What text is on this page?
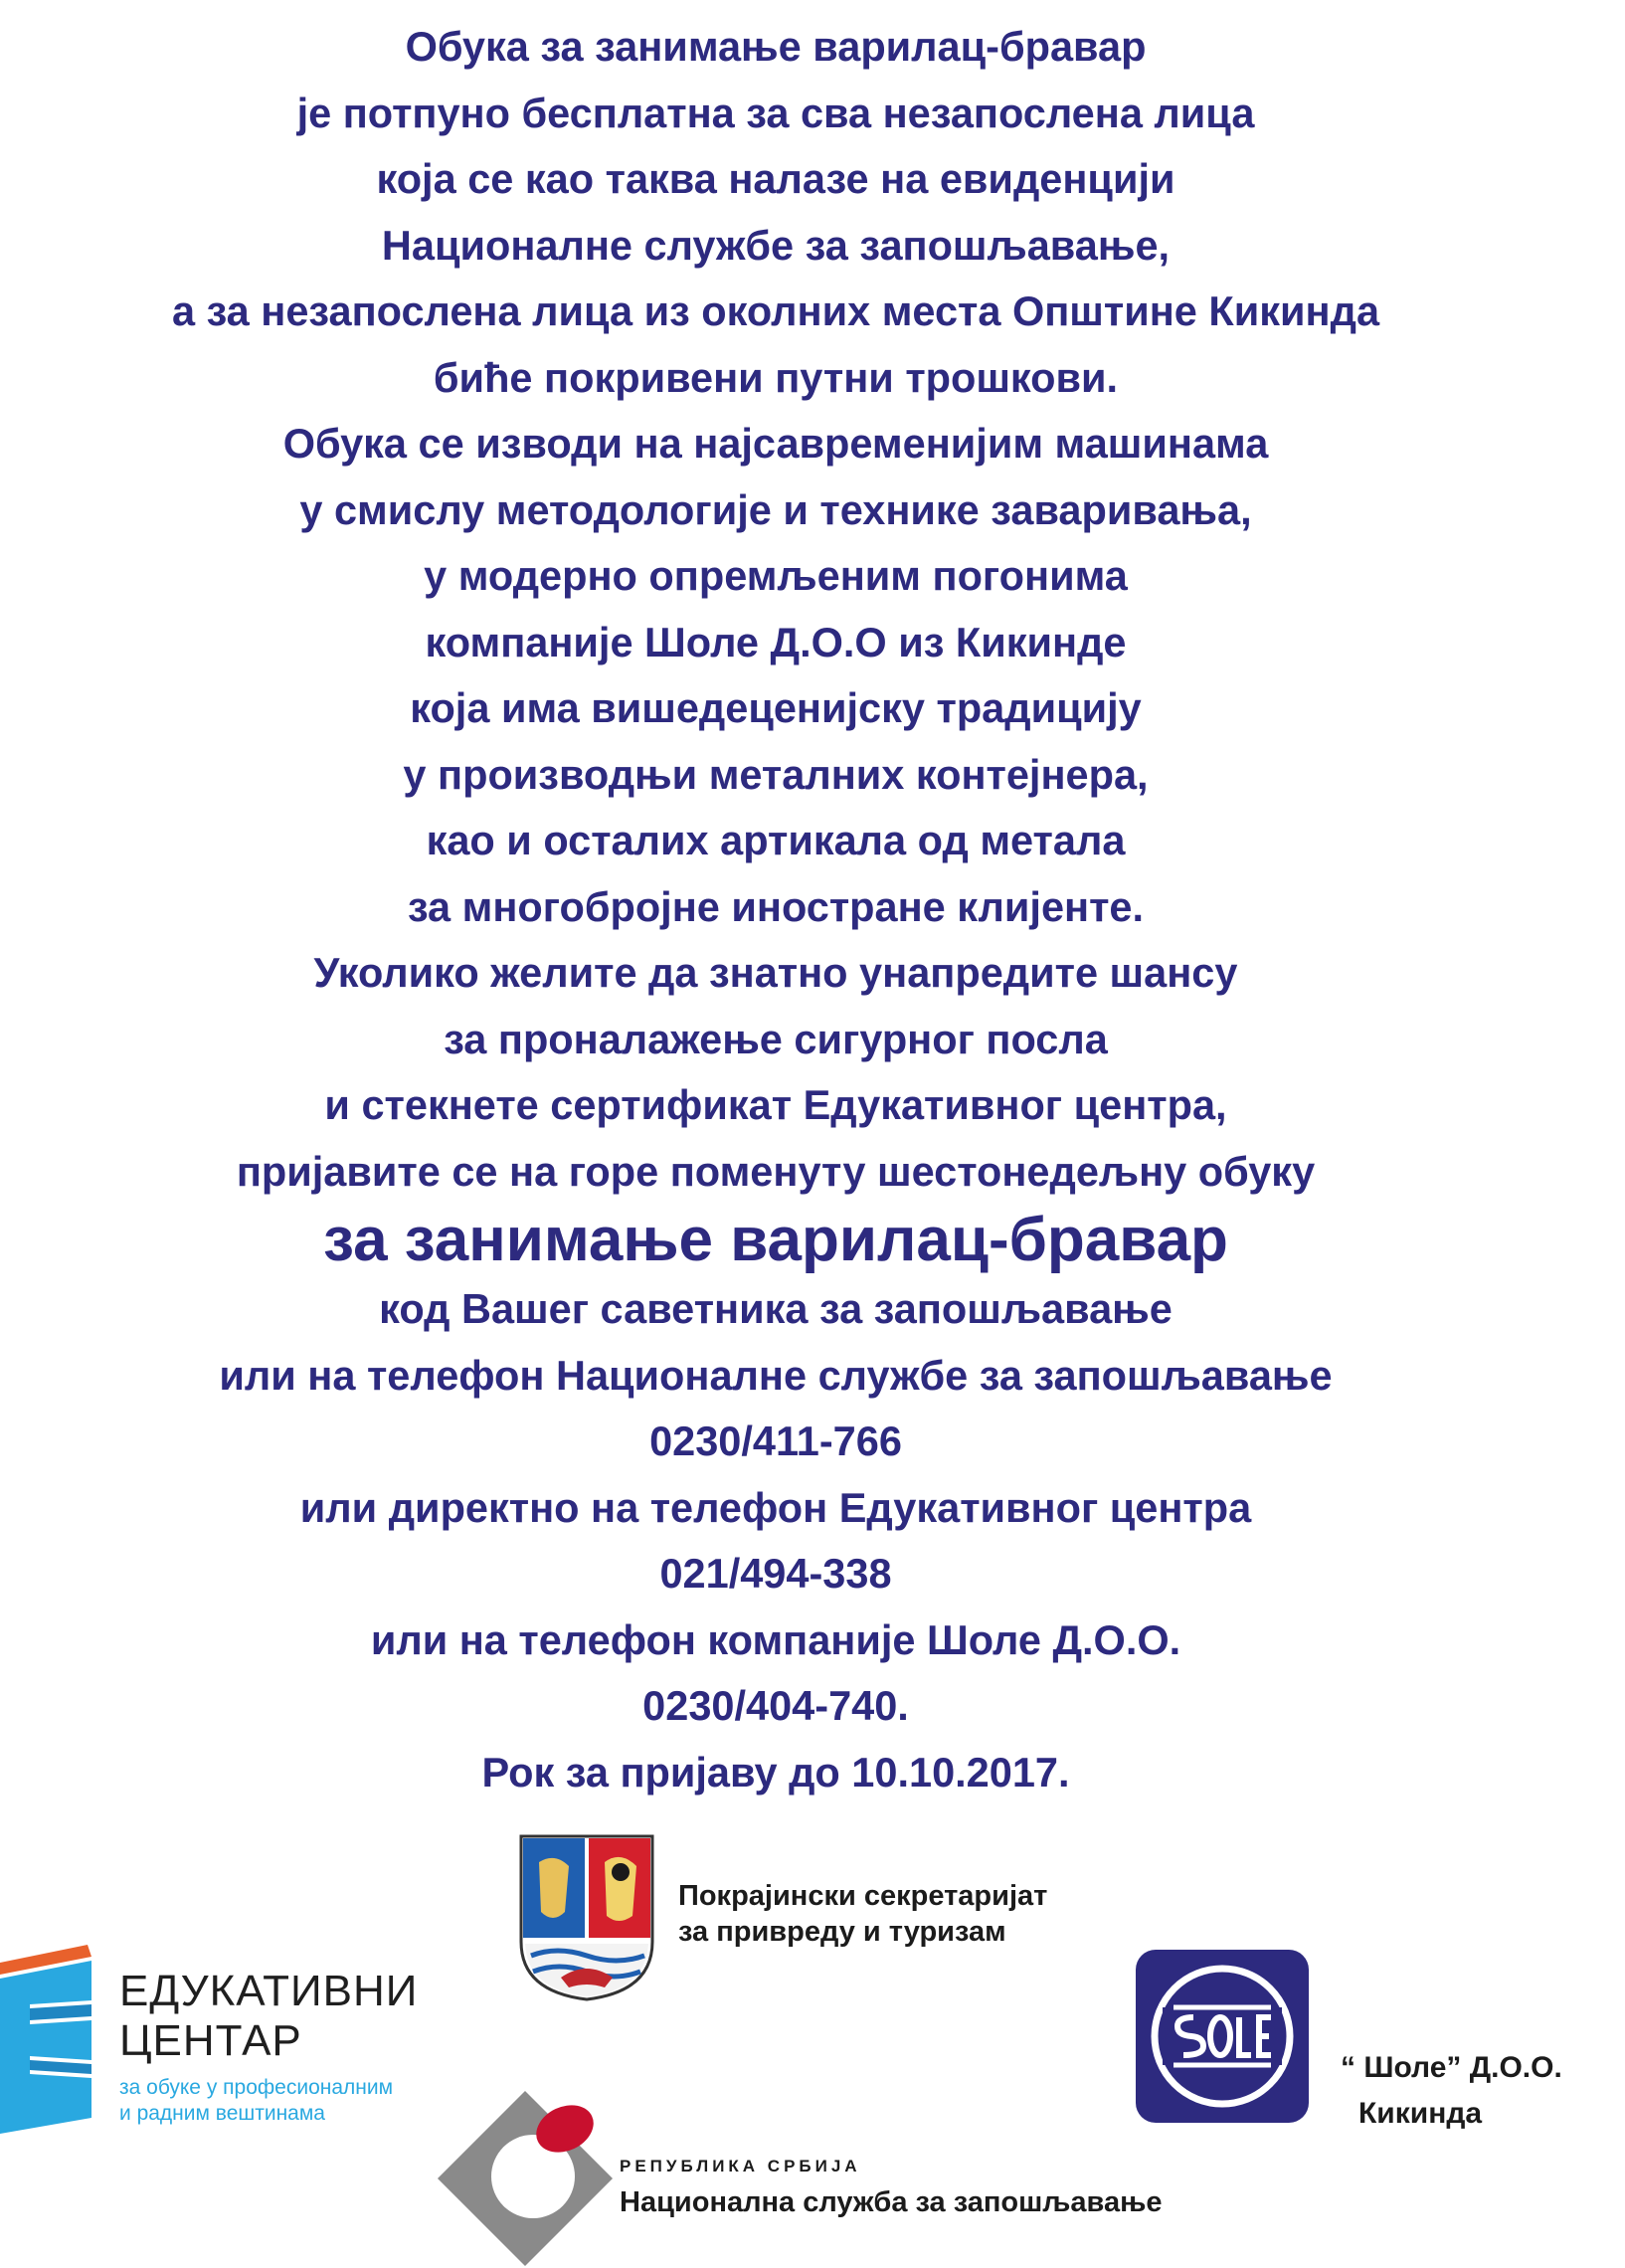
Обука за занимање варилац-бравар
је потпуно бесплатна за сва незапослена лица
која се као таква налазе на евиденцији
Националне службе за запошљавање,
а за незапослена лица из околних места Општине Кикинда
биће покривени путни трошкови.
Обука се изводи на најсавременијим машинама
у смислу методологије и технике заваривања,
у модерно опремљеним погонима
компаније Шоле Д.О.О из Кикинде
која има вишедеценијску традицију
у производњи металних контејнера,
као и осталих артикала од метала
за многобројне иностране клијенте.
Уколико желите да знатно унапредите шансу
за проналажење сигурног посла
и стекнете сертификат Едукативног центра,
пријавите се на горе поменуту шестонедељну обуку
за занимање варилац-бравар
код Вашег саветника за запошљавање
или на телефон Националне службе за запошљавање
0230/411-766
или директно на телефон Едукативног центра
021/494-338
или на телефон компаније Шоле Д.О.О.
0230/404-740.
Рок за пријаву до 10.10.2017.
Покрајински секретаријат
за привреду и туризам
ЕДУКАТИВНИ
ЦЕНТАР
за обуке у професионалним
и радним вештинама
РЕПУБЛИКА СРБИЈА
Национална служба за запошљавање
“ Шоле” Д.О.О.
Кикинда
